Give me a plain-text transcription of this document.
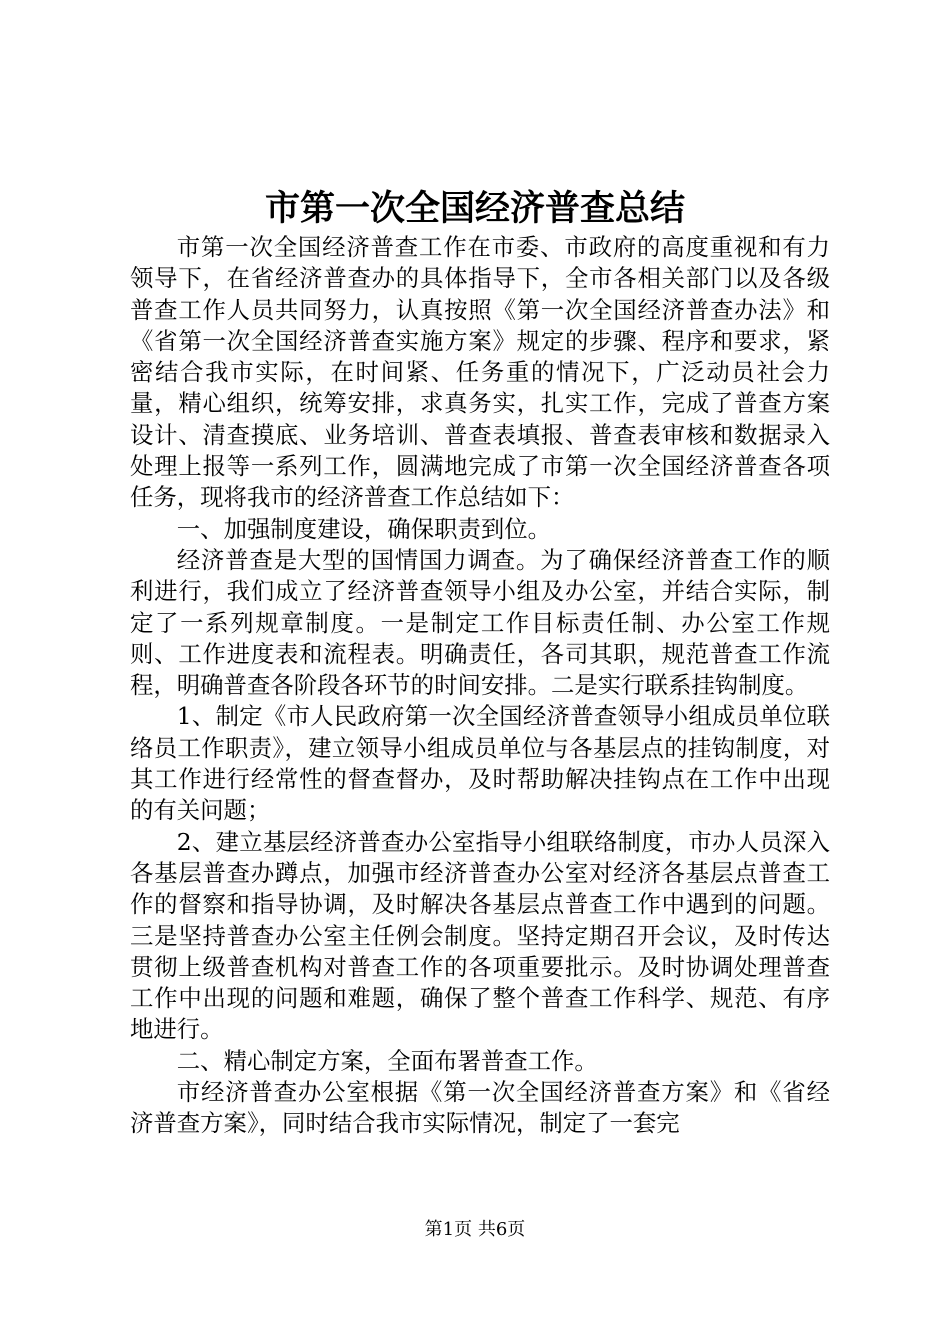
市第一次全国经济普查总结

市第一次全国经济普查工作在市委、市政府的高度重视和有力领导下，在省经济普查办的具体指导下，全市各相关部门以及各级普查工作人员共同努力，认真按照《第一次全国经济普查办法》和《省第一次全国经济普查实施方案》规定的步骤、程序和要求，紧密结合我市实际，在时间紧、任务重的情况下，广泛动员社会力量，精心组织，统筹安排，求真务实，扎实工作，完成了普查方案设计、清查摸底、业务培训、普查表填报、普查表审核和数据录入处理上报等一系列工作，圆满地完成了市第一次全国经济普查各项任务，现将我市的经济普查工作总结如下：

一、加强制度建设，确保职责到位。

经济普查是大型的国情国力调查。为了确保经济普查工作的顺利进行，我们成立了经济普查领导小组及办公室，并结合实际，制定了一系列规章制度。一是制定工作目标责任制、办公室工作规则、工作进度表和流程表。明确责任，各司其职，规范普查工作流程，明确普查各阶段各环节的时间安排。二是实行联系挂钩制度。

1、制定《市人民政府第一次全国经济普查领导小组成员单位联络员工作职责》，建立领导小组成员单位与各基层点的挂钩制度，对其工作进行经常性的督查督办，及时帮助解决挂钩点在工作中出现的有关问题；

2、建立基层经济普查办公室指导小组联络制度，市办人员深入各基层普查办蹲点，加强市经济普查办公室对经济各基层点普查工作的督察和指导协调，及时解决各基层点普查工作中遇到的问题。三是坚持普查办公室主任例会制度。坚持定期召开会议，及时传达贯彻上级普查机构对普查工作的各项重要批示。及时协调处理普查工作中出现的问题和难题，确保了整个普查工作科学、规范、有序地进行。

二、精心制定方案，全面布署普查工作。

市经济普查办公室根据《第一次全国经济普查方案》和《省经济普查方案》，同时结合我市实际情况，制定了一套完

第1页 共6页
